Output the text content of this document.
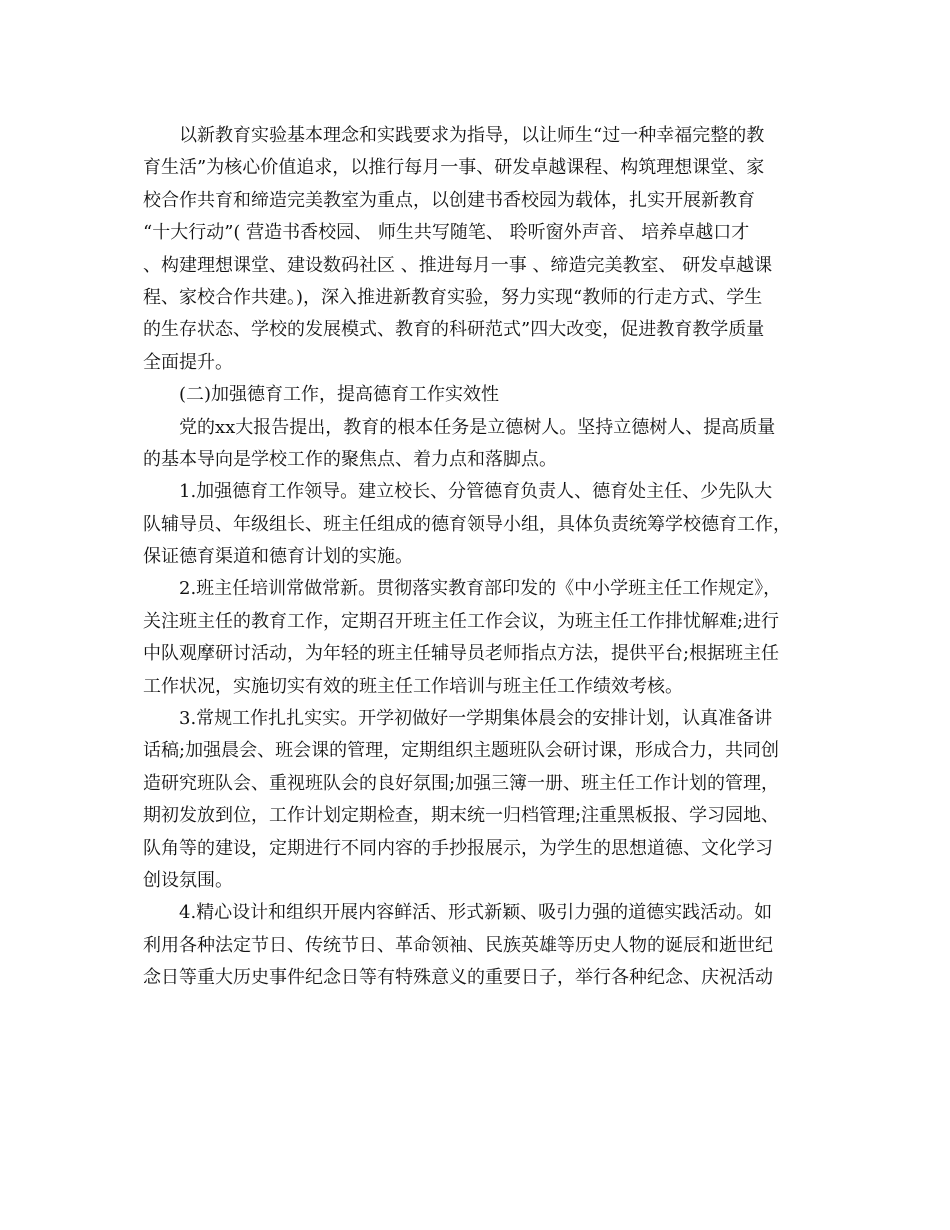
以新教育实验基本理念和实践要求为指导，以让师生“过一种幸福完整的教
育生活”为核心价值追求，以推行每月一事、研发卓越课程、构筑理想课堂、家
校合作共育和缔造完美教室为重点，以创建书香校园为载体，扎实开展新教育
“十大行动”( 营造书香校园、 师生共写随笔、 聆听窗外声音、 培养卓越口才
、构建理想课堂、建设数码社区 、推进每月一事 、缔造完美教室、 研发卓越课
程、家校合作共建。)，深入推进新教育实验，努力实现“教师的行走方式、学生
的生存状态、学校的发展模式、教育的科研范式”四大改变，促进教育教学质量
全面提升。
(二)加强德育工作，提高德育工作实效性
党的xx大报告提出，教育的根本任务是立德树人。坚持立德树人、提高质量
的基本导向是学校工作的聚焦点、着力点和落脚点。
1.加强德育工作领导。建立校长、分管德育负责人、德育处主任、少先队大
队辅导员、年级组长、班主任组成的德育领导小组，具体负责统筹学校德育工作，
保证德育渠道和德育计划的实施。
2.班主任培训常做常新。贯彻落实教育部印发的《中小学班主任工作规定》，
关注班主任的教育工作，定期召开班主任工作会议，为班主任工作排忧解难;进行
中队观摩研讨活动，为年轻的班主任辅导员老师指点方法，提供平台;根据班主任
工作状况，实施切实有效的班主任工作培训与班主任工作绩效考核。
3.常规工作扎扎实实。开学初做好一学期集体晨会的安排计划，认真准备讲
话稿;加强晨会、班会课的管理，定期组织主题班队会研讨课，形成合力，共同创
造研究班队会、重视班队会的良好氛围;加强三簿一册、班主任工作计划的管理，
期初发放到位，工作计划定期检查，期末统一归档管理;注重黑板报、学习园地、
队角等的建设，定期进行不同内容的手抄报展示，为学生的思想道德、文化学习
创设氛围。
4.精心设计和组织开展内容鲜活、形式新颖、吸引力强的道德实践活动。如
利用各种法定节日、传统节日、革命领袖、民族英雄等历史人物的诞辰和逝世纪
念日等重大历史事件纪念日等有特殊意义的重要日子，举行各种纪念、庆祝活动
